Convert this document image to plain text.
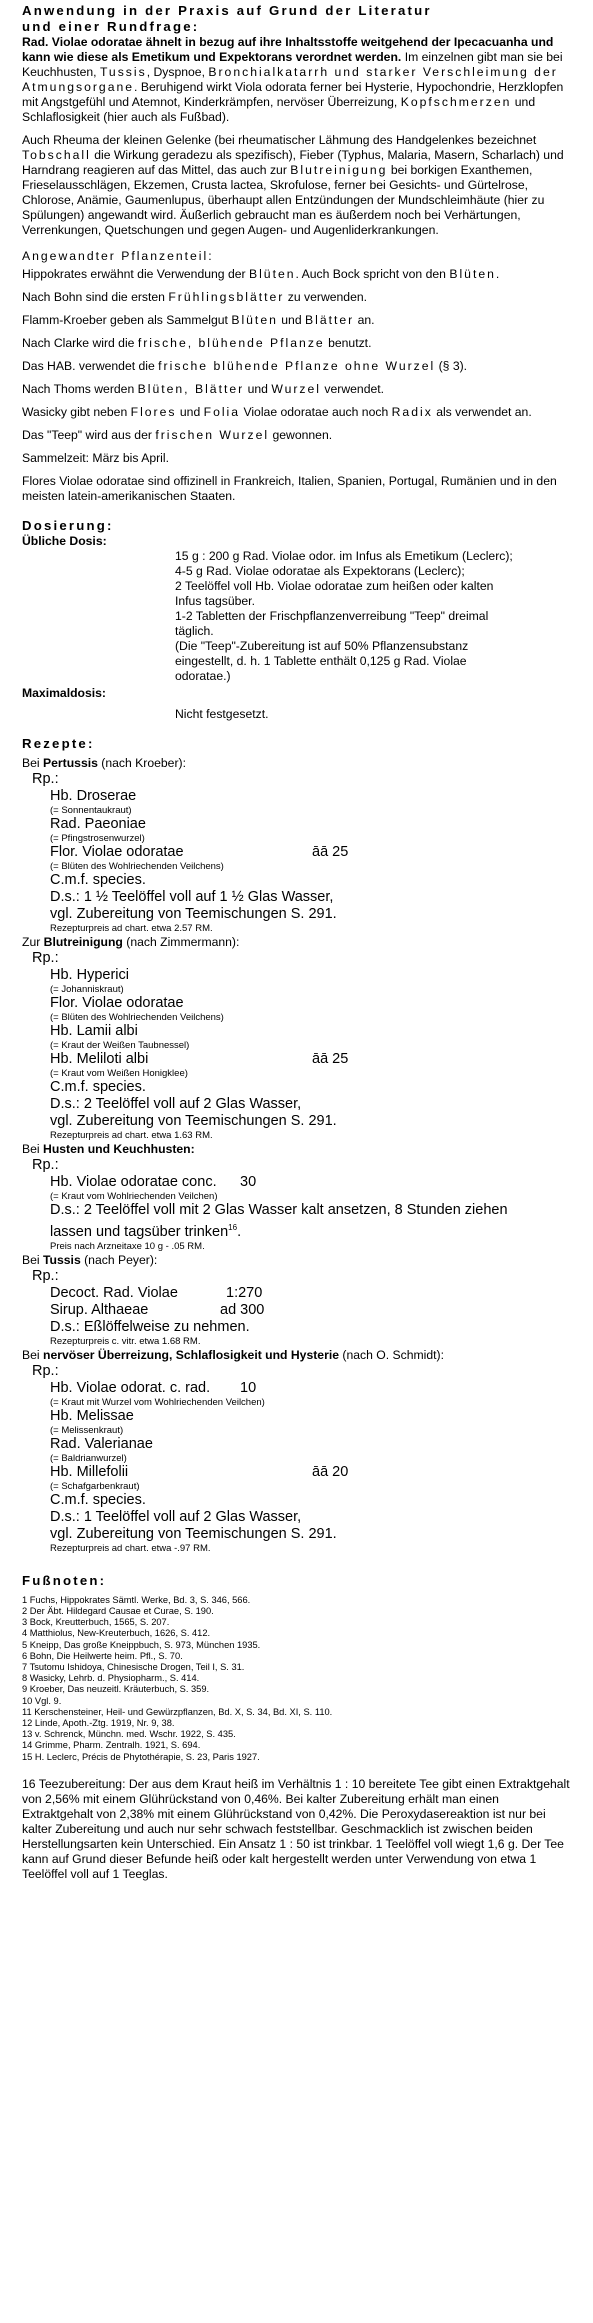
Anwendung in der Praxis auf Grund der Literatur
und einer Rundfrage:

Rad. Violae odoratae ähnelt in bezug auf ihre Inhaltsstoffe weitgehend der Ipecacuanha und kann wie diese als Emetikum und Expektorans verordnet werden. Im einzelnen gibt man sie bei Keuchhusten, Tussis, Dyspnoe, Bronchialkatarrh und starker Verschleimung der Atmungsorgane. Beruhigend wirkt Viola odorata ferner bei Hysterie, Hypochondrie, Herzklopfen mit Angstgefühl und Atemnot, Kinderkrämpfen, nervöser Überreizung, Kopfschmerzen und Schlaflosigkeit (hier auch als Fußbad).

Auch Rheuma der kleinen Gelenke (bei rheumatischer Lähmung des Handgelenkes bezeichnet Tobschall die Wirkung geradezu als spezifisch), Fieber (Typhus, Malaria, Masern, Scharlach) und Harndrang reagieren auf das Mittel, das auch zur Blutreinigung bei borkigen Exanthemen, Frieselausschlägen, Ekzemen, Crusta lactea, Skrofulose, ferner bei Gesichts- und Gürtelrose, Chlorose, Anämie, Gaumenlupus, überhaupt allen Entzündungen der Mundschleimhäute (hier zu Spülungen) angewandt wird. Äußerlich gebraucht man es äußerdem noch bei Verhärtungen, Verrenkungen, Quetschungen und gegen Augen- und Augenliderkrankungen.

Angewandter Pflanzenteil:

Hippokrates erwähnt die Verwendung der Blüten. Auch Bock spricht von den Blüten.

Nach Bohn sind die ersten Frühlingsblätter zu verwenden.

Flamm-Kroeber geben als Sammelgut Blüten und Blätter an.

Nach Clarke wird die frische, blühende Pflanze benutzt.

Das HAB. verwendet die frische blühende Pflanze ohne Wurzel (§ 3).

Nach Thoms werden Blüten, Blätter und Wurzel verwendet.

Wasicky gibt neben Flores und Folia Violae odoratae auch noch Radix als verwendet an.

Das "Teep" wird aus der frischen Wurzel gewonnen.

Sammelzeit: März bis April.

Flores Violae odoratae sind offizinell in Frankreich, Italien, Spanien, Portugal, Rumänien und in den meisten latein-amerikanischen Staaten.

Dosierung:
Übliche Dosis:
15 g : 200 g Rad. Violae odor. im Infus als Emetikum (Leclerc);
4-5 g Rad. Violae odoratae als Expektorans (Leclerc);
2 Teelöffel voll Hb. Violae odoratae zum heißen oder kalten
Infus tagsüber.
1-2 Tabletten der Frischpflanzenverreibung "Teep" dreimal
täglich.
(Die "Teep"-Zubereitung ist auf 50% Pflanzensubstanz
eingestellt, d. h. 1 Tablette enthält 0,125 g Rad. Violae
odoratae.)
Maximaldosis:
Nicht festgesetzt.
Rezepte:
Bei Pertussis (nach Kroeber):
Rp.:
Hb. Droserae
(= Sonnentaukraut)
Rad. Paeoniae
(= Pfingstrosenwurzel)
Flor. Violae odoratae	āā 25
(= Blüten des Wohlriechenden Veilchens)
C.m.f. species.
D.s.: 1 ½ Teelöffel voll auf 1 ½ Glas Wasser,
vgl. Zubereitung von Teemischungen S. 291.
Rezepturpreis ad chart. etwa 2.57 RM.
Zur Blutreinigung (nach Zimmermann):
Rp.:
Hb. Hyperici
(= Johanniskraut)
Flor. Violae odoratae
(= Blüten des Wohlriechenden Veilchens)
Hb. Lamii albi
(= Kraut der Weißen Taubnessel)
Hb. Meliloti albi	āā 25
(= Kraut vom Weißen Honigklee)
C.m.f. species.
D.s.: 2 Teelöffel voll auf 2 Glas Wasser,
vgl. Zubereitung von Teemischungen S. 291.
Rezepturpreis ad chart. etwa 1.63 RM.
Bei Husten und Keuchhusten:
Rp.:
Hb. Violae odoratae conc. 30
(= Kraut vom Wohlriechenden Veilchen)
D.s.: 2 Teelöffel voll mit 2 Glas Wasser kalt ansetzen, 8 Stunden ziehen
lassen und tagsüber trinken$^{16}$.
Preis nach Arzneitaxe 10 g - .05 RM.
Bei Tussis (nach Peyer):
Rp.:
Decoct. Rad. Violae	1:270
Sirup. Althaeae	ad 300
D.s.: Eßlöffelweise zu nehmen.
Rezepturpreis c. vitr. etwa 1.68 RM.
Bei nervöser Überreizung, Schlaflosigkeit und Hysterie (nach O. Schmidt):
Rp.:
Hb. Violae odorat. c. rad. 10
(= Kraut mit Wurzel vom Wohlriechenden Veilchen)
Hb. Melissae
(= Melissenkraut)
Rad. Valerianae
(= Baldrianwurzel)
Hb. Millefolii	āā 20
(= Schafgarbenkraut)
C.m.f. species.
D.s.: 1 Teelöffel voll auf 2 Glas Wasser,
vgl. Zubereitung von Teemischungen S. 291.
Rezepturpreis ad chart. etwa -.97 RM.
Fußnoten:
1 Fuchs, Hippokrates Sämtl. Werke, Bd. 3, S. 346, 566.
2 Der Äbt. Hildegard Causae et Curae, S. 190.
3 Bock, Kreutterbuch, 1565, S. 207.
4 Matthiolus, New-Kreuterbuch, 1626, S. 412.
5 Kneipp, Das große Kneippbuch, S. 973, München 1935.
6 Bohn, Die Heilwerte heim. Pfl., S. 70.
7 Tsutomu Ishidoya, Chinesische Drogen, Teil I, S. 31.
8 Wasicky, Lehrb. d. Physiopharm., S. 414.
9 Kroeber, Das neuzeitl. Kräuterbuch, S. 359.
10 Vgl. 9.
11 Kerschensteiner, Heil- und Gewürzpflanzen, Bd. X, S. 34, Bd. XI, S. 110.
12 Linde, Apoth.-Ztg. 1919, Nr. 9, 38.
13 v. Schrenck, Münchn. med. Wschr. 1922, S. 435.
14 Grimme, Pharm. Zentralh. 1921, S. 694.
15 H. Leclerc, Précis de Phytothérapie, S. 23, Paris 1927.

16 Teezubereitung: Der aus dem Kraut heiß im Verhältnis 1 : 10 bereitete Tee gibt einen Extraktgehalt von 2,56% mit einem Glührückstand von 0,46%. Bei kalter Zubereitung erhält man einen Extraktgehalt von 2,38% mit einem Glührückstand von 0,42%. Die Peroxydasereaktion ist nur bei kalter Zubereitung und auch nur sehr schwach feststellbar. Geschmacklich ist zwischen beiden Herstellungsarten kein Unterschied. Ein Ansatz 1 : 50 ist trinkbar. 1 Teelöffel voll wiegt 1,6 g. Der Tee kann auf Grund dieser Befunde heiß oder kalt hergestellt werden unter Verwendung von etwa 1 Teelöffel voll auf 1 Teeglas.
